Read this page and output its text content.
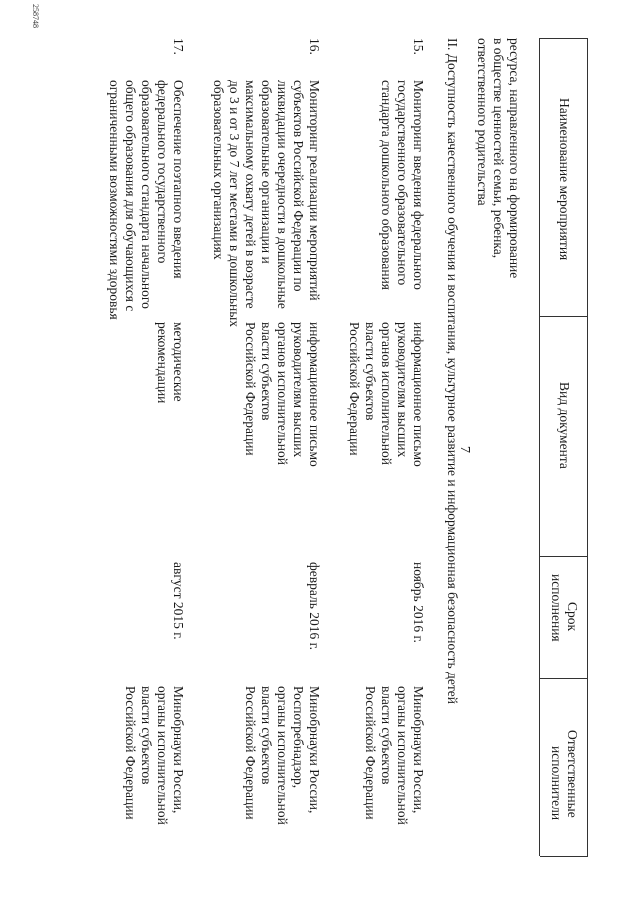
7
Наименование мероприятия
Вид документа
Срок
исполнения
Ответственные
исполнители
ресурса, направленного на формирование
в обществе ценностей семьи, ребенка,
ответственного родительства
II. Доступность качественного обучения и воспитания, культурное развитие и информационная безопасность детей
15.
Мониторинг введения федерального
государственного образовательного
стандарта дошкольного образования
информационное письмо
руководителям высших
органов исполнительной
власти субъектов
Российской Федерации
ноябрь 2016 г.
Минобрнауки России,
органы исполнительной
власти субъектов
Российской Федерации
16.
Мониторинг реализации мероприятий
субъектов Российской Федерации по
ликвидации очередности в дошкольные
образовательные организации и
максимальному охвату детей в возрасте
до 3 и от 3 до 7 лет местами в дошкольных
образовательных организациях
информационное письмо
руководителям высших
органов исполнительной
власти субъектов
Российской Федерации
февраль 2016 г.
Минобрнауки России,
Роспотребнадзор,
органы исполнительной
власти субъектов
Российской Федерации
17.
Обеспечение поэтапного введения
федерального государственного
образовательного стандарта начального
общего образования для обучающихся с
ограниченными возможностями здоровья
методические
рекомендации
август 2015 г.
Минобрнауки России,
органы исполнительной
власти субъектов
Российской Федерации
258748
